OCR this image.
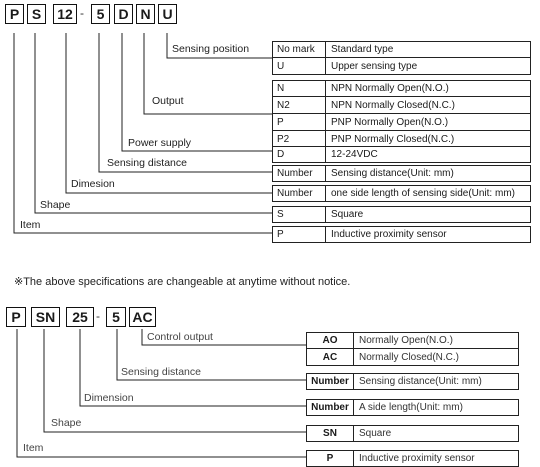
P S	12 - 5	D N U
Sensing position
Output
Power supply
Sensing distance
Dimesion
Shape
Item
No mark	Standard type
U	Upper sensing type
N	NPN Normally Open(N.O.)
N2	NPN Normally Closed(N.C.)
P	PNP Normally Open(N.O.)
P2	PNP Normally Closed(N.C.)
D	12-24VDC
Number	Sensing distance(Unit: mm)
Number	one side length of sensing side(Unit: mm)
S	Square
P	Inductive proximity sensor
※The above specifications are changeable at anytime without notice.
P	SN	25 - 5 AC
Control output
Sensing distance
Dimension
Shape
Item
AO	Normally Open(N.O.)
AC	Normally Closed(N.C.)
Number	Sensing distance(Unit: mm)
Number	A side length(Unit: mm)
SN	Square
P	Inductive proximity sensor
